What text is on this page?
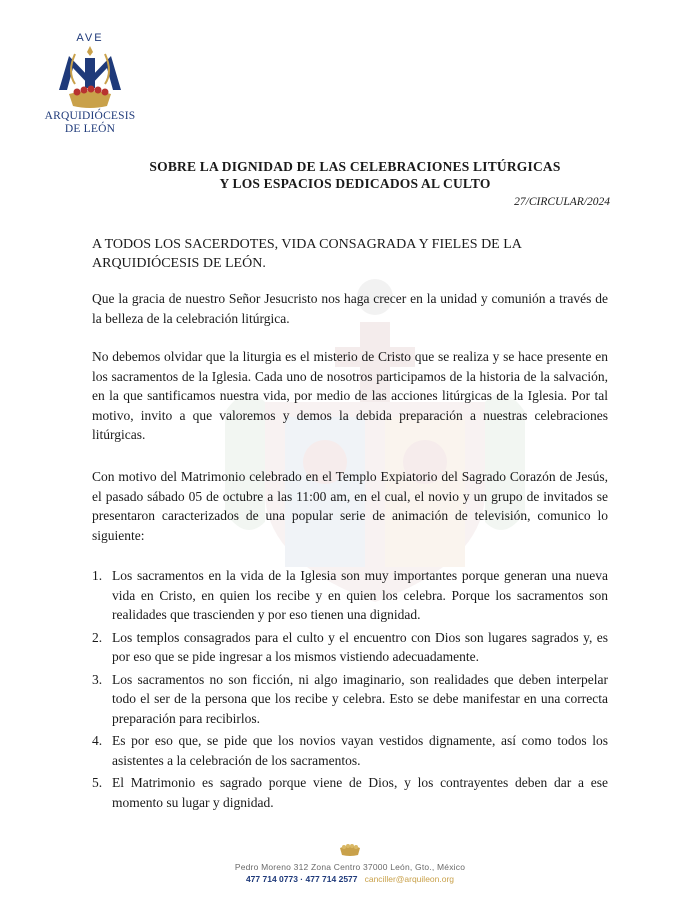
AVE
ARQUIDIÓCESIS
DE LEÓN
SOBRE LA DIGNIDAD DE LAS CELEBRACIONES LITÚRGICAS
Y LOS ESPACIOS DEDICADOS AL CULTO
27/CIRCULAR/2024
A TODOS LOS SACERDOTES, VIDA CONSAGRADA Y FIELES DE LA ARQUIDIÓCESIS DE LEÓN.
Que la gracia de nuestro Señor Jesucristo nos haga crecer en la unidad y comunión a través de la belleza de la celebración litúrgica.
No debemos olvidar que la liturgia es el misterio de Cristo que se realiza y se hace presente en los sacramentos de la Iglesia. Cada uno de nosotros participamos de la historia de la salvación, en la que santificamos nuestra vida, por medio de las acciones litúrgicas de la Iglesia. Por tal motivo, invito a que valoremos y demos la debida preparación a nuestras celebraciones litúrgicas.
Con motivo del Matrimonio celebrado en el Templo Expiatorio del Sagrado Corazón de Jesús, el pasado sábado 05 de octubre a las 11:00 am, en el cual, el novio y un grupo de invitados se presentaron caracterizados de una popular serie de animación de televisión, comunico lo siguiente:
1. Los sacramentos en la vida de la Iglesia son muy importantes porque generan una nueva vida en Cristo, en quien los recibe y en quien los celebra. Porque los sacramentos son realidades que trascienden y por eso tienen una dignidad.
2. Los templos consagrados para el culto y el encuentro con Dios son lugares sagrados y, es por eso que se pide ingresar a los mismos vistiendo adecuadamente.
3. Los sacramentos no son ficción, ni algo imaginario, son realidades que deben interpelar todo el ser de la persona que los recibe y celebra. Esto se debe manifestar en una correcta preparación para recibirlos.
4. Es por eso que, se pide que los novios vayan vestidos dignamente, así como todos los asistentes a la celebración de los sacramentos.
5. El Matrimonio es sagrado porque viene de Dios, y los contrayentes deben dar a ese momento su lugar y dignidad.
Pedro Moreno 312 Zona Centro 37000 León, Gto., México
477 714 0773 · 477 714 2577 canciller@arquileon.org
